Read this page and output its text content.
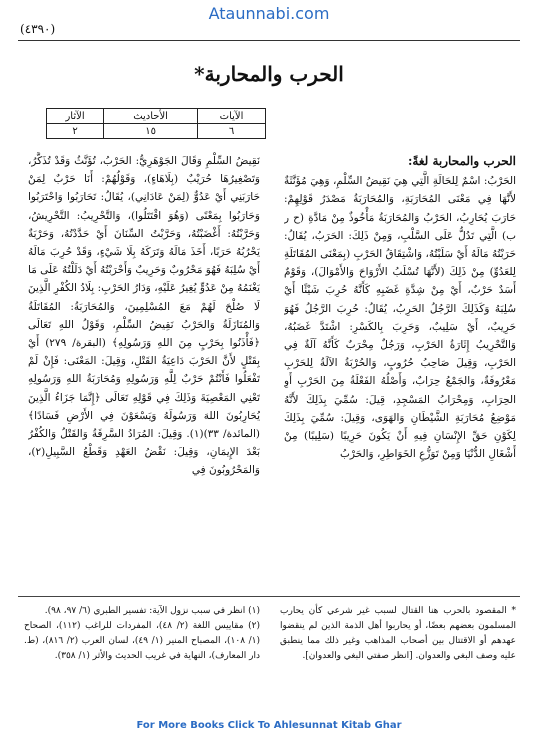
Ataunnabi.com
(٤٣٩٠)
الحرب والمحاربة*
الآيات	الأحاديث	الآثار
٦	١٥	٢

الحرب والمحاربة لغةً:

الحَرْبُ: اسْمٌ لِلحَالَةِ الَّتِي هِيَ نَقِيضُ السِّلْمِ، وَهِيَ مُؤَنَّثَةٌ لأَنَّهَا فِي مَعْنَى المُحَارَبَةِ، وَالمُحَارَبَةُ مَصْدَرُ قَوْلِهِمْ: حَارَبَ يُحَارِبُ، الحَرْبُ وَالمُحَارَبَةُ مَأْخُوذٌ مِنْ مَادَّةِ (ح ر ب) الَّتِي تَدُلُّ عَلَى السَّلْبِ، وَمِنْ ذَلِكَ: الحَرَبُ، يُقَالُ: حَرَبْتُهُ مَالَهُ أَيْ سَلَبْتُهُ، وَاشْتِقَاقُ الحَرْبِ (بِمَعْنَى المُقَاتَلَةِ لِلعَدُوِّ) مِنْ ذَلِكَ (لأَنَّهَا تُسْلَبُ الأَرْوَاحَ وَالأَمْوَالَ)، وَقَوْمٌ أَسَدٌ حَرْبٌ، أَيْ مِنْ شِدَّةِ غَضَبِهِ كَأَنَّهُ حُرِبَ شَيْئًا أَيْ سُلِبَهُ وَكَذَلِكَ الرَّجُلُ الحَرِبُ، يُقَالُ: حُرِبَ الرَّجُلُ فَهُوَ حَرِيبٌ، أَيْ سَلِيبٌ، وَحَرِبَ بِالكَسْرِ: اشْتَدَّ غَضَبُهُ، وَالتَّحْرِيبُ إِثَارَةُ الحَرْبِ، وَرَجُلٌ مِحْرَبٌ كَأَنَّهُ آلَةٌ فِي الحَرْبِ، وَقِيلَ صَاحِبُ حُرُوبٍ، وَالحُرْبَةُ الآلَةُ لِلحَرْبِ مَعْرُوفَةٌ، وَالجَمْعُ حِرَابٌ، وَأَصْلُهُ الفَعْلَةُ مِنَ الحَرْبِ أَوِ الحِرَابِ، وَمِحْرَابُ المَسْجِدِ، قِيلَ: سُمِّيَ بِذَلِكَ لأَنَّهُ مَوْضِعُ مُحَارَبَةِ الشَّيْطَانِ وَالهَوَى، وَقِيلَ: سُمِّيَ بِذَلِكَ لِكَوْنِ حَقِّ الإِنْسَانِ فِيهِ أَنْ يَكُونَ حَرِيبًا (سَلِيبًا) مِنْ أَشْغَالِ الدُّنْيَا وَمِنْ تَوَزُّعِ الخَوَاطِرِ، وَالحَرْبُ

نَقِيضُ السِّلْمِ وَقَالَ الجَوْهَرِيُّ: الحَرْبُ، تُؤَنَّثُ وَقَدْ تُذَكَّرُ، وَتَصْغِيرُهَا حُرَيْبٌ (بِلَاهَاءٍ)، وَقَوْلُهُمْ: أَنَا حَرْبٌ لِمَنْ حَارَبَنِي أَيْ عَدُوٌّ (لِمَنْ عَادَانِي)، يُقَالُ: تَحَارَبُوا وَاحْتَرَبُوا وَحَارَبُوا بِمَعْنًى (وَهُوَ اقْتَتَلُوا)، وَالتَّحْرِيبُ: التَّحْرِيشُ، وَحَرَّبْتُهُ: أَغْضَبْتُهُ، وَحَرَّبْتُ السِّنَانَ أَيْ حَدَّدْتُهُ، وَحَرْبَةٌ يَحْرُبُهُ حَرَبًا، أَخَذَ مَالَهُ وَتَرَكَهُ بِلَا شَيْءٍ، وَقَدْ حُرِبَ مَالَهُ أَيْ سُلِبَهُ فَهُوَ مَحْرُوبٌ وَحَرِيبٌ وَأَحْرَبْتُهُ أَيْ دَلَلْتُهُ عَلَى مَا يَغْنَمُهُ مِنْ عَدُوٍّ يُغِيرُ عَلَيْهِ، وَدَارُ الحَرْبِ: بِلَادُ الكُفْرِ الَّذِينَ لَا صُلْحَ لَهُمْ مَعَ المُسْلِمِينَ، وَالمُحَارَبَةُ: المُقَاتَلَةُ وَالمُنَازَلَةُ وَالحَرْبُ نَقِيضُ السِّلْمِ، وَقَوْلُ اللهِ تَعَالَى ﴿فَأْذَنُوا بِحَرْبٍ مِنَ اللهِ وَرَسُولِهِ﴾ (البقرة/ ٢٧٩) أَيْ بِقَتْلٍ لأَنَّ الحَرْبَ دَاعِيَةُ القَتْلِ، وَقِيلَ: المَعْنَى: فَإِنْ لَمْ تَفْعَلُوا فَأَنْتُمْ حَرْبٌ لِلَّهِ وَرَسُولِهِ وَمُحَارَبَةُ اللهِ وَرَسُولِهِ تَعْنِي المَعْصِيَةَ وَذَلِكَ فِي قَوْلِهِ تَعَالَى ﴿إِنَّمَا جَزَاءُ الَّذِينَ يُحَارِبُونَ اللهَ وَرَسُولَهُ وَيَسْعَوْنَ فِي الأَرْضِ فَسَادًا﴾ (المائدة/ ٣٣)(١). وَقِيلَ: المُرَادُ السَّرِقَةُ وَالقَتْلُ وَالكُفْرُ بَعْدَ الإِيمَانِ، وَقِيلَ: نَقْضُ العَهْدِ وَقَطْعُ السَّبِيلِ(٢)، وَالمَحْرُوبُونَ فِي

* المقصود بالحرب هنا القتال لسبب غير شرعي كأن يحارب المسلمون بعضهم بعضًا، أو يحاربوا أهل الذمة الذين لم ينقضوا عهدهم أو الاقتتال بين أصحاب المذاهب وغير ذلك مما ينطبق عليه وصف البغي والعدوان. [انظر صفتي البغي والعدوان].

(١) انظر في سبب نزول الآية: تفسير الطبري (٦/ ٩٧، ٩٨).

(٢) مقاييس اللغة (٢/ ٤٨)، المفردات للراغب (١١٢)، الصحاح (١/ ١٠٨)، المصباح المنير (١/ ٤٩)، لسان العرب (٢/ ٨١٦)، (ط. دار المعارف)، النهاية في غريب الحديث والأثر (١/ ٣٥٨).

For More Books Click To Ahlesunnat Kitab Ghar
